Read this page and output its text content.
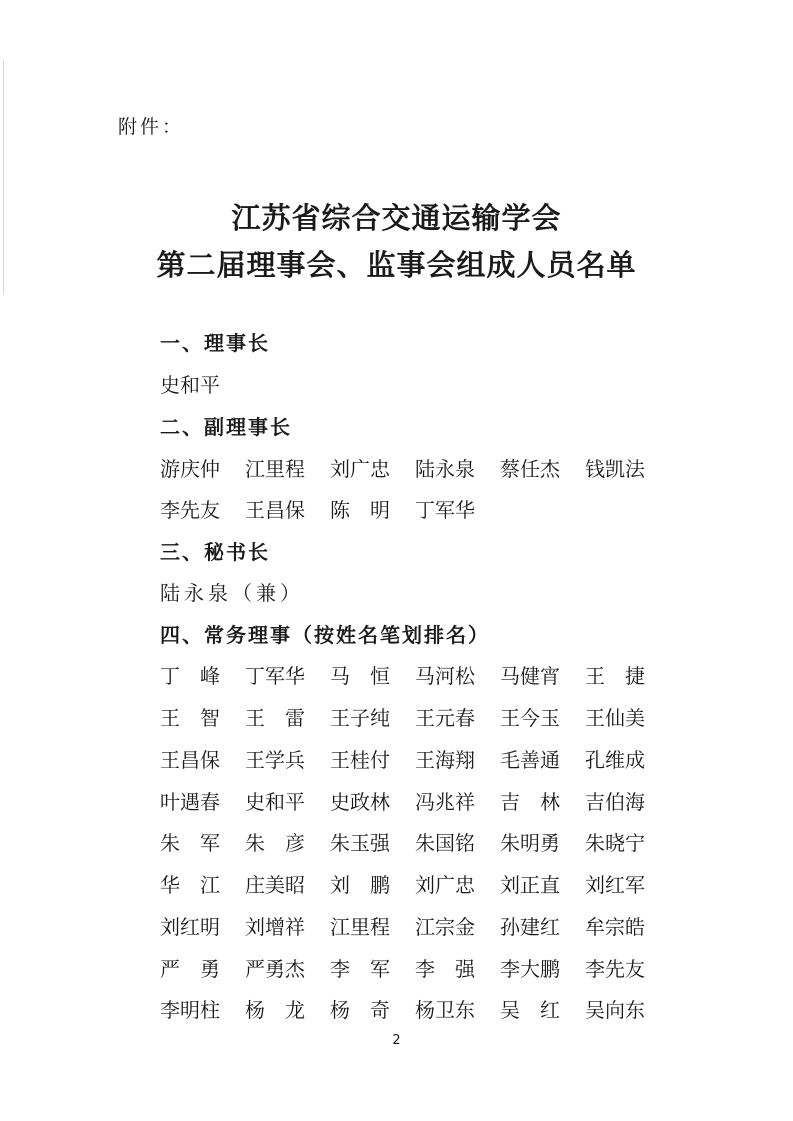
附件：
江苏省综合交通运输学会
第二届理事会、监事会组成人员名单
一、理事长
史和平
二、副理事长
游庆仲	江里程	刘广忠	陆永泉	蔡任杰	钱凯法
李先友	王昌保	陈　明	丁军华
三、秘书长
陆永泉（兼）
四、常务理事（按姓名笔划排名）
丁　峰	丁军华	马　恒	马河松	马健宵	王　捷
王　智	王　雷	王子纯	王元春	王今玉	王仙美
王昌保	王学兵	王桂付	王海翔	毛善通	孔维成
叶遇春	史和平	史政林	冯兆祥	吉　林	吉伯海
朱　军	朱　彦	朱玉强	朱国铭	朱明勇	朱晓宁
华　江	庄美昭	刘　鹏	刘广忠	刘正直	刘红军
刘红明	刘增祥	江里程	江宗金	孙建红	牟宗皓
严　勇	严勇杰	李　军	李　强	李大鹏	李先友
李明柱	杨　龙	杨　奇	杨卫东	吴　红	吴向东
2
